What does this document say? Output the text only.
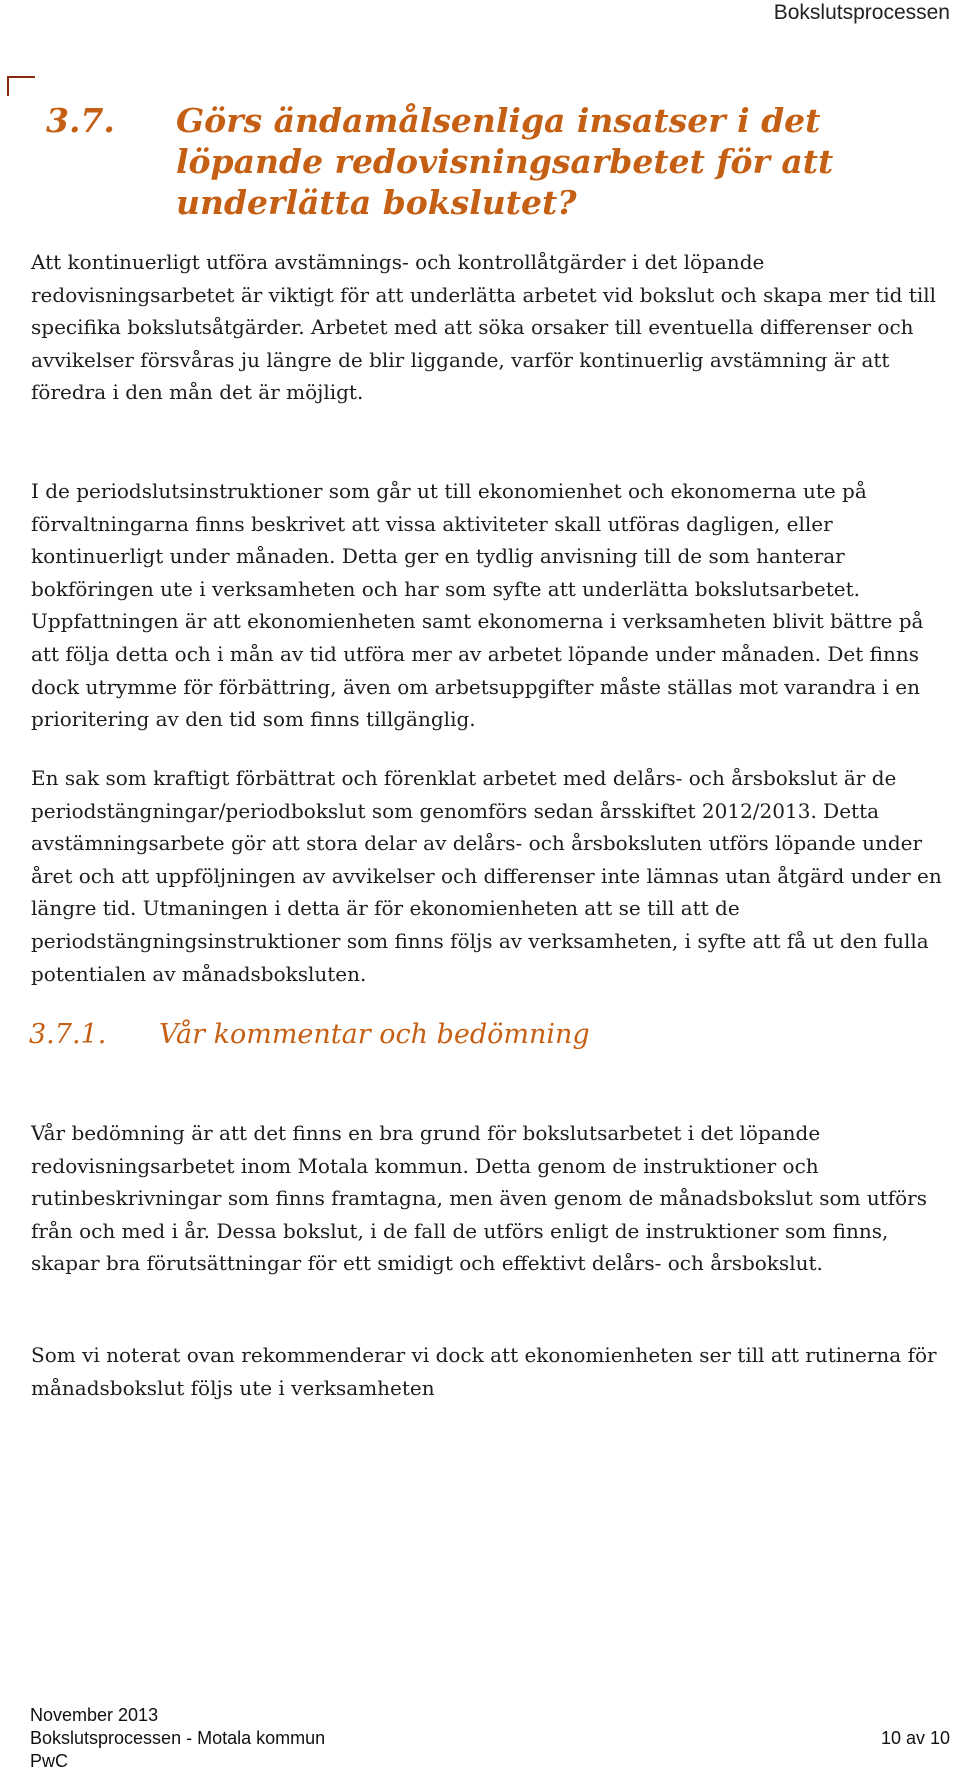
Bokslutsprocessen
3.7. Görs ändamålsenliga insatser i det löpande redovisningsarbetet för att underlätta bokslutet?
Att kontinuerligt utföra avstämnings- och kontrollåtgärder i det löpande redovisningsarbetet är viktigt för att underlätta arbetet vid bokslut och skapa mer tid till specifika bokslutsåtgärder. Arbetet med att söka orsaker till eventuella differenser och avvikelser försvåras ju längre de blir liggande, varför kontinuerlig avstämning är att föredra i den mån det är möjligt.
I de periodslutsinstruktioner som går ut till ekonomienhet och ekonomerna ute på förvaltningarna finns beskrivet att vissa aktiviteter skall utföras dagligen, eller kontinuerligt under månaden. Detta ger en tydlig anvisning till de som hanterar bokföringen ute i verksamheten och har som syfte att underlätta bokslutsarbetet. Uppfattningen är att ekonomienheten samt ekonomerna i verksamheten blivit bättre på att följa detta och i mån av tid utföra mer av arbetet löpande under månaden. Det finns dock utrymme för förbättring, även om arbetsuppgifter måste ställas mot varandra i en prioritering av den tid som finns tillgänglig.
En sak som kraftigt förbättrat och förenklat arbetet med delårs- och årsbokslut är de periodstängningar/periodbokslut som genomförs sedan årsskiftet 2012/2013. Detta avstämningsarbete gör att stora delar av delårs- och årsboksluten utförs löpande under året och att uppföljningen av avvikelser och differenser inte lämnas utan åtgärd under en längre tid. Utmaningen i detta är för ekonomienheten att se till att de periodstängningsinstruktioner som finns följs av verksamheten, i syfte att få ut den fulla potentialen av månadsboksluten.
3.7.1. Vår kommentar och bedömning
Vår bedömning är att det finns en bra grund för bokslutsarbetet i det löpande redovisningsarbetet inom Motala kommun. Detta genom de instruktioner och rutinbeskrivningar som finns framtagna, men även genom de månadsbokslut som utförs från och med i år. Dessa bokslut, i de fall de utförs enligt de instruktioner som finns, skapar bra förutsättningar för ett smidigt och effektivt delårs- och årsbokslut.
Som vi noterat ovan rekommenderar vi dock att ekonomienheten ser till att rutinerna för månadsbokslut följs ute i verksamheten
November 2013
Bokslutsprocessen - Motala kommun	10 av 10
PwC
